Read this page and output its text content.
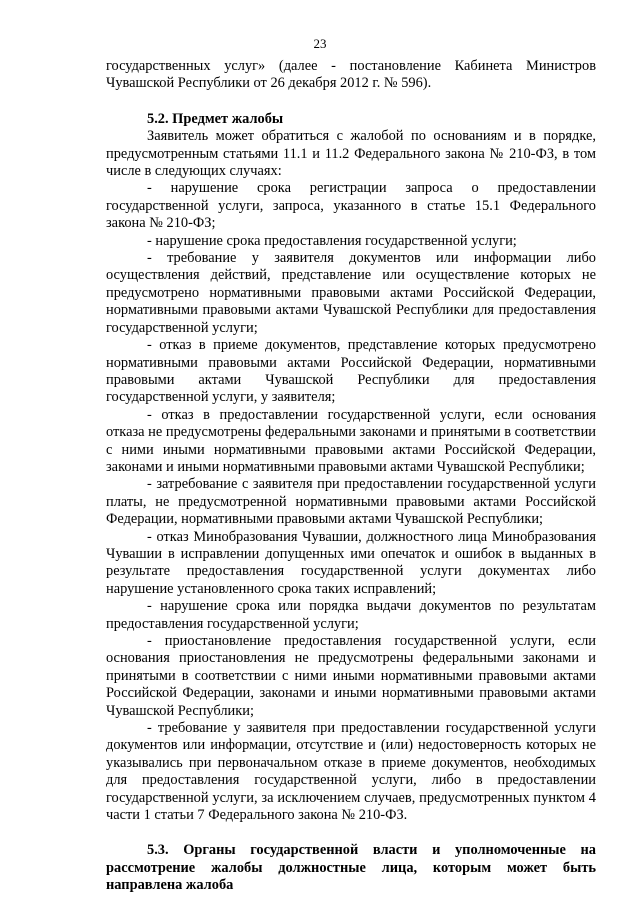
23

государственных услуг» (далее - постановление Кабинета Министров Чувашской Республики от 26 декабря 2012 г. № 596).

5.2. Предмет жалобы

Заявитель может обратиться с жалобой по основаниям и в порядке, предусмотренным статьями 11.1 и 11.2 Федерального закона № 210-ФЗ, в том числе в следующих случаях:

- нарушение срока регистрации запроса о предоставлении государственной услуги, запроса, указанного в статье 15.1 Федерального закона № 210-ФЗ;

- нарушение срока предоставления государственной услуги;

- требование у заявителя документов или информации либо осуществления действий, представление или осуществление которых не предусмотрено нормативными правовыми актами Российской Федерации, нормативными правовыми актами Чувашской Республики для предоставления государственной услуги;

- отказ в приеме документов, представление которых предусмотрено нормативными правовыми актами Российской Федерации, нормативными правовыми актами Чувашской Республики для предоставления государственной услуги, у заявителя;

- отказ в предоставлении государственной услуги, если основания отказа не предусмотрены федеральными законами и принятыми в соответствии с ними иными нормативными правовыми актами Российской Федерации, законами и иными нормативными правовыми актами Чувашской Республики;

- затребование с заявителя при предоставлении государственной услуги платы, не предусмотренной нормативными правовыми актами Российской Федерации, нормативными правовыми актами Чувашской Республики;

- отказ Минобразования Чувашии, должностного лица Минобразования Чувашии в исправлении допущенных ими опечаток и ошибок в выданных в результате предоставления государственной услуги документах либо нарушение установленного срока таких исправлений;

- нарушение срока или порядка выдачи документов по результатам предоставления государственной услуги;

- приостановление предоставления государственной услуги, если основания приостановления не предусмотрены федеральными законами и принятыми в соответствии с ними иными нормативными правовыми актами Российской Федерации, законами и иными нормативными правовыми актами Чувашской Республики;

- требование у заявителя при предоставлении государственной услуги документов или информации, отсутствие и (или) недостоверность которых не указывались при первоначальном отказе в приеме документов, необходимых для предоставления государственной услуги, либо в предоставлении государственной услуги, за исключением случаев, предусмотренных пунктом 4 части 1 статьи 7 Федерального закона № 210-ФЗ.

5.3. Органы государственной власти и уполномоченные на рассмотрение жалобы должностные лица, которым может быть направлена жалоба
